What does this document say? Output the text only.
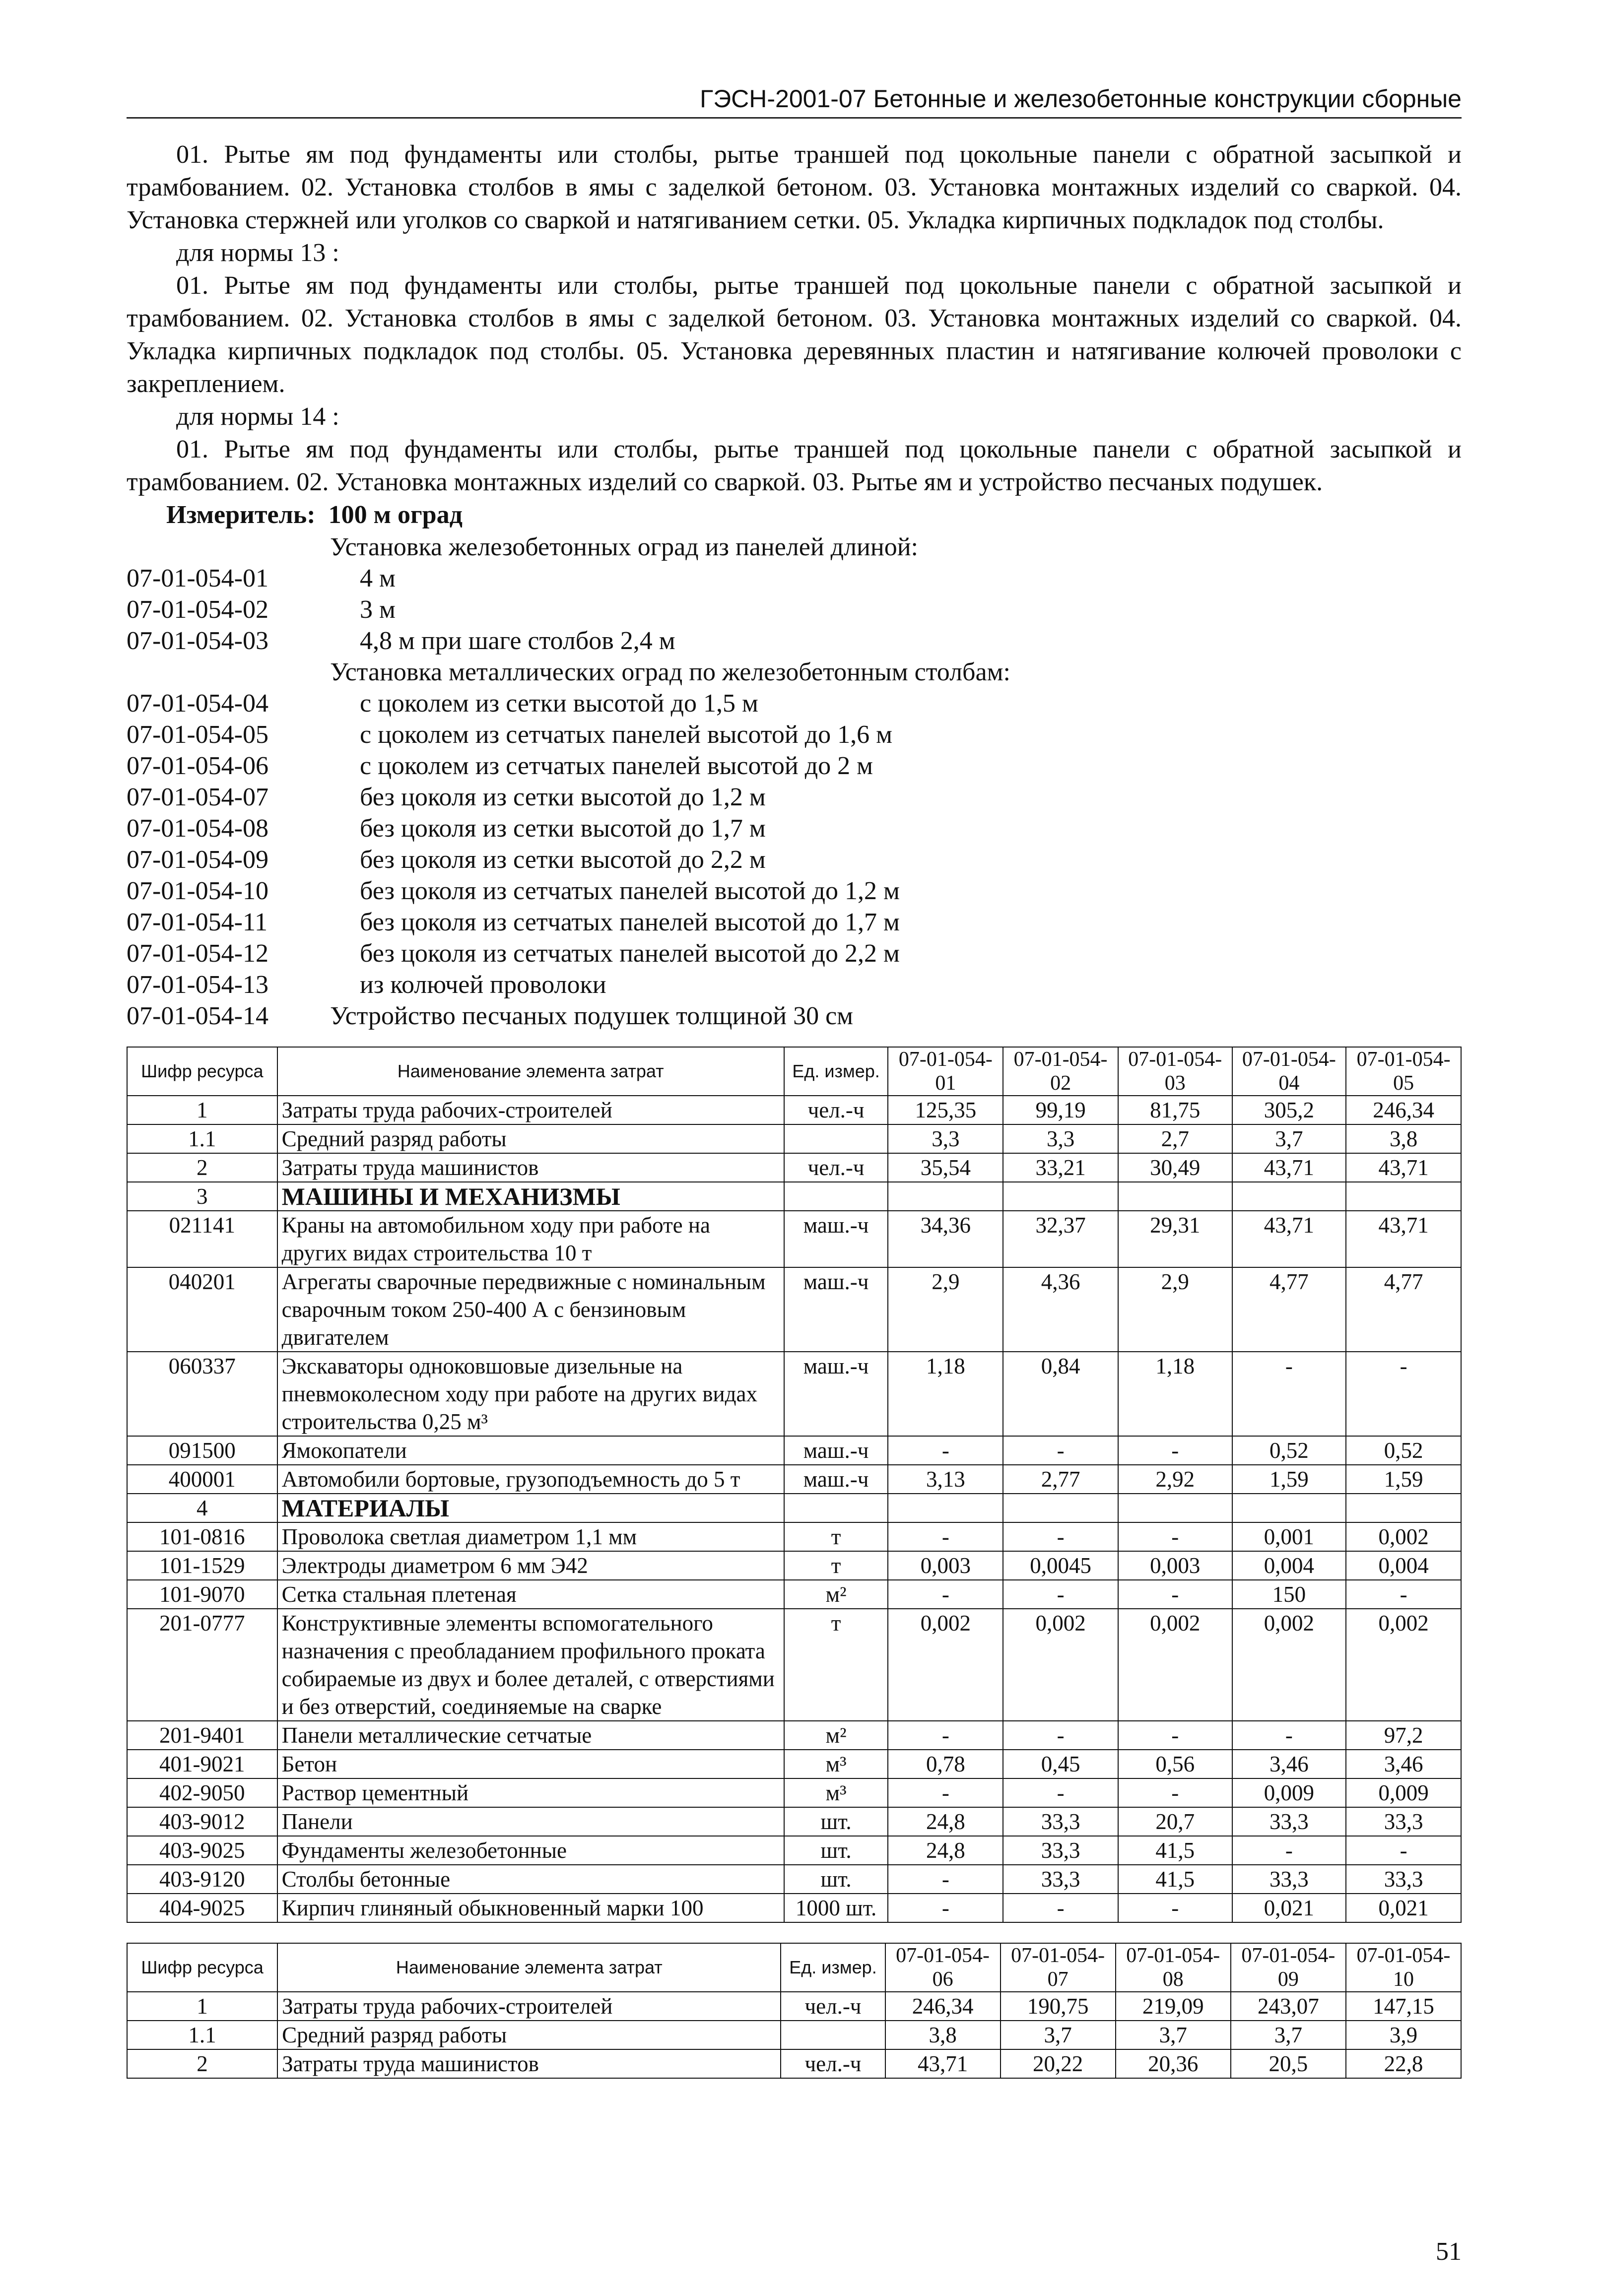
ГЭСН-2001-07 Бетонные и железобетонные конструкции сборные

01. Рытье ям под фундаменты или столбы, рытье траншей под цокольные панели с обратной засыпкой и трамбованием. 02. Установка столбов в ямы с заделкой бетоном. 03. Установка монтажных изделий со сваркой. 04. Установка стержней или уголков со сваркой и натягиванием сетки. 05. Укладка кирпичных подкладок под столбы.

для нормы 13 :

01. Рытье ям под фундаменты или столбы, рытье траншей под цокольные панели с обратной засыпкой и трамбованием. 02. Установка столбов в ямы с заделкой бетоном. 03. Установка монтажных изделий со сваркой. 04. Укладка кирпичных подкладок под столбы. 05. Установка деревянных пластин и натягивание колючей проволоки с закреплением.

для нормы 14 :

01. Рытье ям под фундаменты или столбы, рытье траншей под цокольные панели с обратной засыпкой и трамбованием. 02. Установка монтажных изделий со сваркой. 03. Рытье ям и устройство песчаных подушек.

Измеритель: 100 м оград
Установка железобетонных оград из панелей длиной:
07-01-054-01	4 м
07-01-054-02	3 м
07-01-054-03	4,8 м при шаге столбов 2,4 м
Установка металлических оград по железобетонным столбам:
07-01-054-04	с цоколем из сетки высотой до 1,5 м
07-01-054-05	с цоколем из сетчатых панелей высотой до 1,6 м
07-01-054-06	с цоколем из сетчатых панелей высотой до 2 м
07-01-054-07	без цоколя из сетки высотой до 1,2 м
07-01-054-08	без цоколя из сетки высотой до 1,7 м
07-01-054-09	без цоколя из сетки высотой до 2,2 м
07-01-054-10	без цоколя из сетчатых панелей высотой до 1,2 м
07-01-054-11	без цоколя из сетчатых панелей высотой до 1,7 м
07-01-054-12	без цоколя из сетчатых панелей высотой до 2,2 м
07-01-054-13	из колючей проволоки
07-01-054-14	Устройство песчаных подушек толщиной 30 см
Шифр ресурса	Наименование элемента затрат	Ед. измер.	07-01-054-01	07-01-054-02	07-01-054-03	07-01-054-04	07-01-054-05
1	Затраты труда рабочих-строителей	чел.-ч	125,35	99,19	81,75	305,2	246,34
1.1	Средний разряд работы		3,3	3,3	2,7	3,7	3,8
2	Затраты труда машинистов	чел.-ч	35,54	33,21	30,49	43,71	43,71
3	МАШИНЫ И МЕХАНИЗМЫ						
021141	Краны на автомобильном ходу при работе на других видах строительства 10 т	маш.-ч	34,36	32,37	29,31	43,71	43,71
040201	Агрегаты сварочные передвижные с номинальным сварочным током 250-400 А с бензиновым двигателем	маш.-ч	2,9	4,36	2,9	4,77	4,77
060337	Экскаваторы одноковшовые дизельные на пневмоколесном ходу при работе на других видах строительства 0,25 м³	маш.-ч	1,18	0,84	1,18	-	-
091500	Ямокопатели	маш.-ч	-	-	-	0,52	0,52
400001	Автомобили бортовые, грузоподъемность до 5 т	маш.-ч	3,13	2,77	2,92	1,59	1,59
4	МАТЕРИАЛЫ						
101-0816	Проволока светлая диаметром 1,1 мм	т	-	-	-	0,001	0,002
101-1529	Электроды диаметром 6 мм Э42	т	0,003	0,0045	0,003	0,004	0,004
101-9070	Сетка стальная плетеная	м²	-	-	-	150	-
201-0777	Конструктивные элементы вспомогательного назначения с преобладанием профильного проката собираемые из двух и более деталей, с отверстиями и без отверстий, соединяемые на сварке	т	0,002	0,002	0,002	0,002	0,002
201-9401	Панели металлические сетчатые	м²	-	-	-	-	97,2
401-9021	Бетон	м³	0,78	0,45	0,56	3,46	3,46
402-9050	Раствор цементный	м³	-	-	-	0,009	0,009
403-9012	Панели	шт.	24,8	33,3	20,7	33,3	33,3
403-9025	Фундаменты железобетонные	шт.	24,8	33,3	41,5	-	-
403-9120	Столбы бетонные	шт.	-	33,3	41,5	33,3	33,3
404-9025	Кирпич глиняный обыкновенный марки 100	1000 шт.	-	-	-	0,021	0,021
Шифр ресурса	Наименование элемента затрат	Ед. измер.	07-01-054-06	07-01-054-07	07-01-054-08	07-01-054-09	07-01-054-10
1	Затраты труда рабочих-строителей	чел.-ч	246,34	190,75	219,09	243,07	147,15
1.1	Средний разряд работы		3,8	3,7	3,7	3,7	3,9
2	Затраты труда машинистов	чел.-ч	43,71	20,22	20,36	20,5	22,8
51
